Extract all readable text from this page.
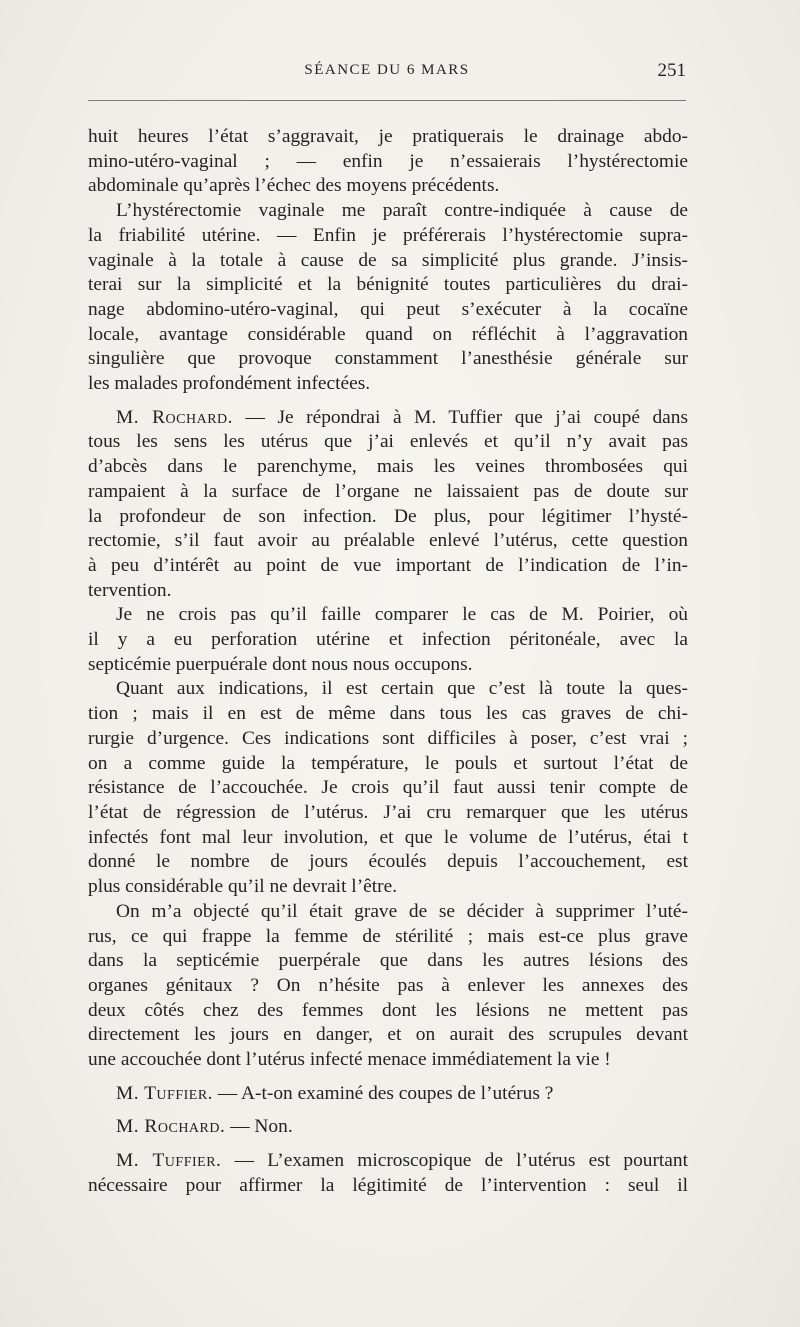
SÉANCE DU 6 MARS	251

huit heures l’état s’aggravait, je pratiquerais le drainage abdo-

mino-utéro-vaginal ; — enfin je n’essaierais l’hystérectomie

abdominale qu’après l’échec des moyens précédents.

L’hystérectomie vaginale me paraît contre-indiquée à cause de

la friabilité utérine. — Enfin je préférerais l’hystérectomie supra-

vaginale à la totale à cause de sa simplicité plus grande. J’insis-

terai sur la simplicité et la bénignité toutes particulières du drai-

nage abdomino-utéro-vaginal, qui peut s’exécuter à la cocaïne

locale, avantage considérable quand on réfléchit à l’aggravation

singulière que provoque constamment l’anesthésie générale sur

les malades profondément infectées.

M. Rochard. — Je répondrai à M. Tuffier que j’ai coupé dans

tous les sens les utérus que j’ai enlevés et qu’il n’y avait pas

d’abcès dans le parenchyme, mais les veines thrombosées qui

rampaient à la surface de l’organe ne laissaient pas de doute sur

la profondeur de son infection. De plus, pour légitimer l’hysté-

rectomie, s’il faut avoir au préalable enlevé l’utérus, cette question

à peu d’intérêt au point de vue important de l’indication de l’in-

tervention.

Je ne crois pas qu’il faille comparer le cas de M. Poirier, où

il y a eu perforation utérine et infection péritonéale, avec la

septicémie puerpuérale dont nous nous occupons.

Quant aux indications, il est certain que c’est là toute la ques-

tion ; mais il en est de même dans tous les cas graves de chi-

rurgie d’urgence. Ces indications sont difficiles à poser, c’est vrai ;

on a comme guide la température, le pouls et surtout l’état de

résistance de l’accouchée. Je crois qu’il faut aussi tenir compte de

l’état de régression de l’utérus. J’ai cru remarquer que les utérus

infectés font mal leur involution, et que le volume de l’utérus, étai t

donné le nombre de jours écoulés depuis l’accouchement, est

plus considérable qu’il ne devrait l’être.

On m’a objecté qu’il était grave de se décider à supprimer l’uté-

rus, ce qui frappe la femme de stérilité ; mais est-ce plus grave

dans la septicémie puerpérale que dans les autres lésions des

organes génitaux ? On n’hésite pas à enlever les annexes des

deux côtés chez des femmes dont les lésions ne mettent pas

directement les jours en danger, et on aurait des scrupules devant

une accouchée dont l’utérus infecté menace immédiatement la vie !

M. Tuffier. — A-t-on examiné des coupes de l’utérus ?

M. Rochard. — Non.

M. Tuffier. — L’examen microscopique de l’utérus est pourtant

nécessaire pour affirmer la légitimité de l’intervention : seul il
